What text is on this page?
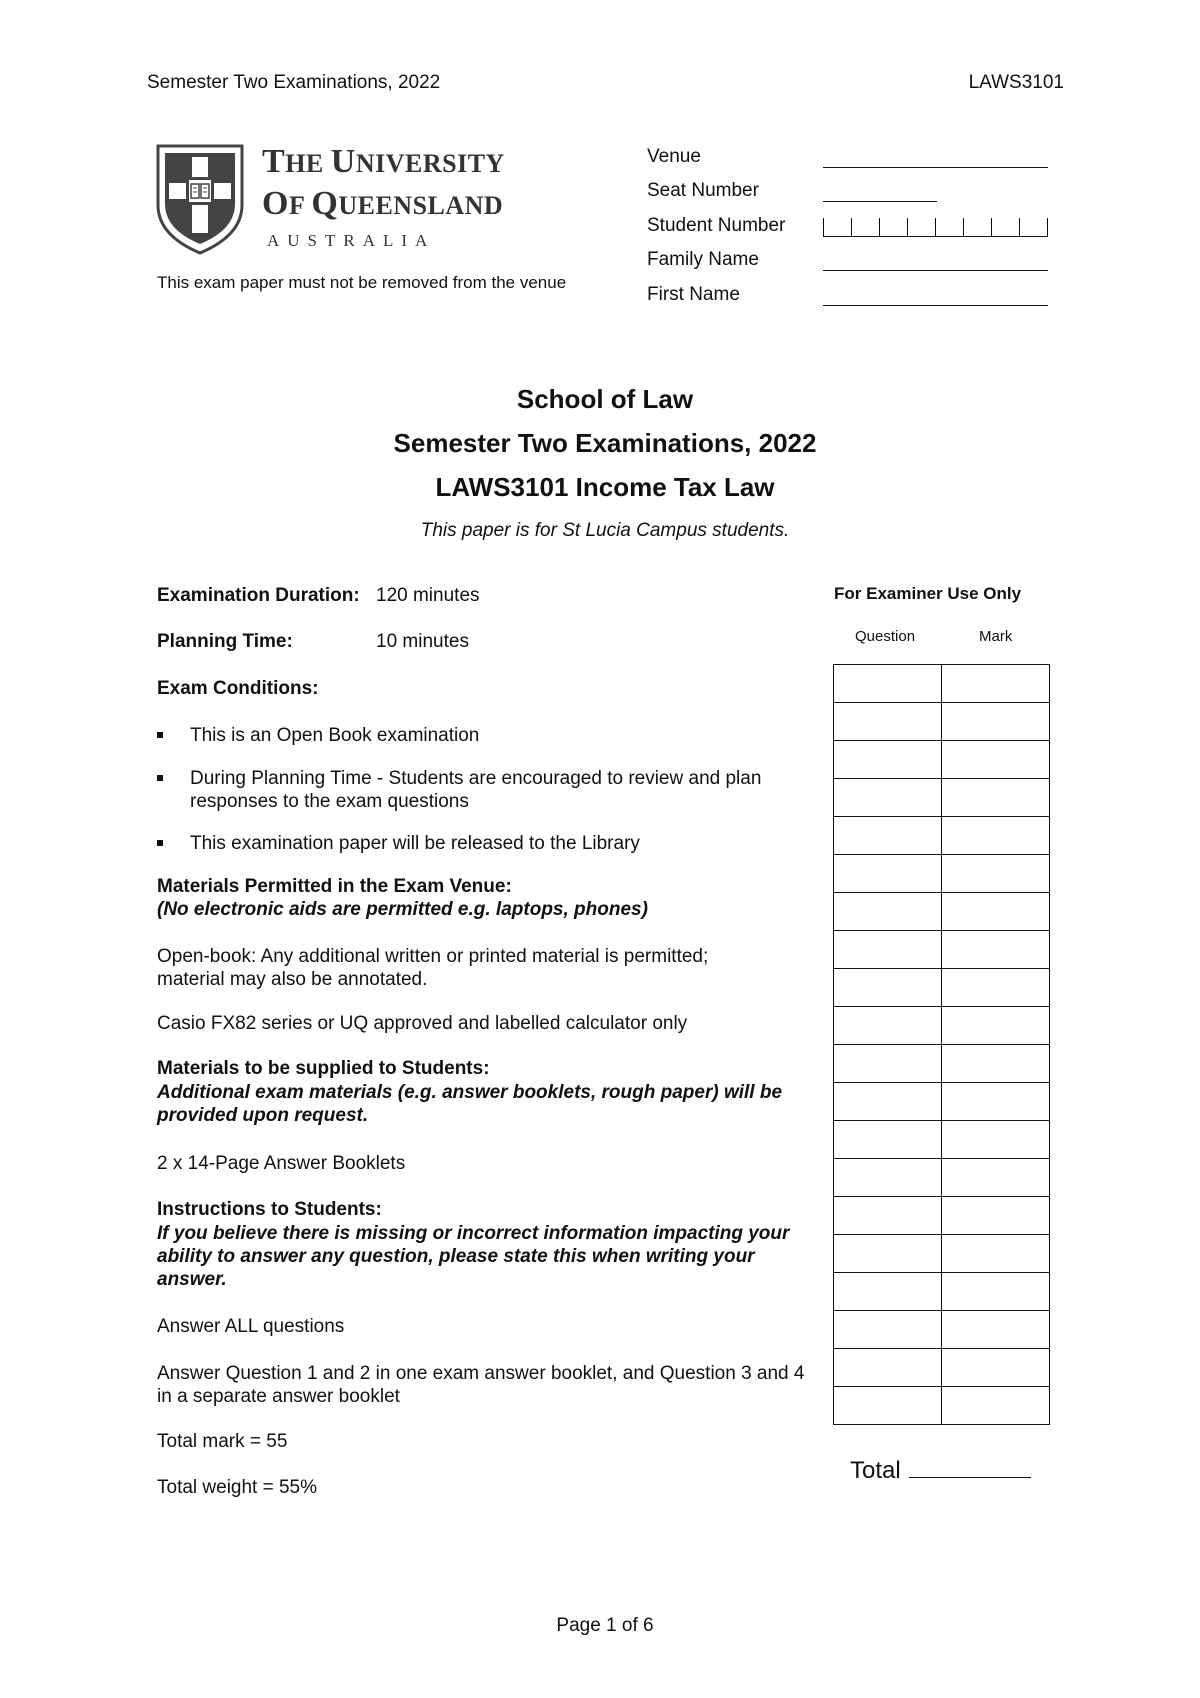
Semester Two Examinations, 2022	LAWS3101
THE UNIVERSITY
OF QUEENSLAND
AUSTRALIA
This exam paper must not be removed from the venue
Venue
Seat Number
Student Number
Family Name
First Name
School of Law
Semester Two Examinations, 2022
LAWS3101 Income Tax Law
This paper is for St Lucia Campus students.
Examination Duration: 120 minutes
Planning Time:	10 minutes
Exam Conditions:
This is an Open Book examination
During Planning Time - Students are encouraged to review and plan responses to the exam questions
This examination paper will be released to the Library
Materials Permitted in the Exam Venue:
(No electronic aids are permitted e.g. laptops, phones)
Open-book: Any additional written or printed material is permitted; material may also be annotated.
Casio FX82 series or UQ approved and labelled calculator only
Materials to be supplied to Students:
Additional exam materials (e.g. answer booklets, rough paper) will be provided upon request.
2 x 14-Page Answer Booklets
Instructions to Students:
If you believe there is missing or incorrect information impacting your ability to answer any question, please state this when writing your answer.
Answer ALL questions
Answer Question 1 and 2 in one exam answer booklet, and Question 3 and 4 in a separate answer booklet
Total mark = 55
Total weight = 55%
For Examiner Use Only
Question	Mark

Total
Page 1 of 6
